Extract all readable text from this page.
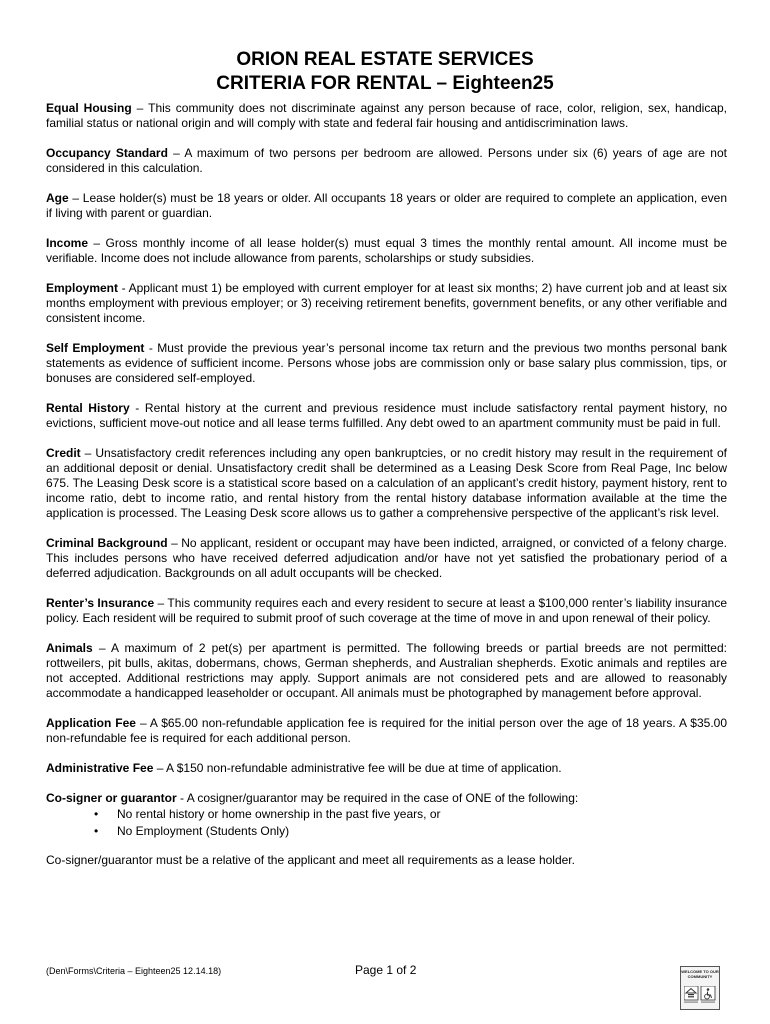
ORION REAL ESTATE SERVICES
CRITERIA FOR RENTAL – Eighteen25

Equal Housing – This community does not discriminate against any person because of race, color, religion, sex, handicap, familial status or national origin and will comply with state and federal fair housing and antidiscrimination laws.

Occupancy Standard – A maximum of two persons per bedroom are allowed. Persons under six (6) years of age are not considered in this calculation.

Age – Lease holder(s) must be 18 years or older. All occupants 18 years or older are required to complete an application, even if living with parent or guardian.

Income – Gross monthly income of all lease holder(s) must equal 3 times the monthly rental amount. All income must be verifiable. Income does not include allowance from parents, scholarships or study subsidies.

Employment - Applicant must 1) be employed with current employer for at least six months; 2) have current job and at least six months employment with previous employer; or 3) receiving retirement benefits, government benefits, or any other verifiable and consistent income.

Self Employment - Must provide the previous year’s personal income tax return and the previous two months personal bank statements as evidence of sufficient income. Persons whose jobs are commission only or base salary plus commission, tips, or bonuses are considered self-employed.

Rental History - Rental history at the current and previous residence must include satisfactory rental payment history, no evictions, sufficient move-out notice and all lease terms fulfilled. Any debt owed to an apartment community must be paid in full.

Credit – Unsatisfactory credit references including any open bankruptcies, or no credit history may result in the requirement of an additional deposit or denial. Unsatisfactory credit shall be determined as a Leasing Desk Score from Real Page, Inc below 675. The Leasing Desk score is a statistical score based on a calculation of an applicant’s credit history, payment history, rent to income ratio, debt to income ratio, and rental history from the rental history database information available at the time the application is processed. The Leasing Desk score allows us to gather a comprehensive perspective of the applicant’s risk level.

Criminal Background – No applicant, resident or occupant may have been indicted, arraigned, or convicted of a felony charge. This includes persons who have received deferred adjudication and/or have not yet satisfied the probationary period of a deferred adjudication. Backgrounds on all adult occupants will be checked.

Renter’s Insurance – This community requires each and every resident to secure at least a $100,000 renter’s liability insurance policy. Each resident will be required to submit proof of such coverage at the time of move in and upon renewal of their policy.

Animals – A maximum of 2 pet(s) per apartment is permitted. The following breeds or partial breeds are not permitted: rottweilers, pit bulls, akitas, dobermans, chows, German shepherds, and Australian shepherds. Exotic animals and reptiles are not accepted. Additional restrictions may apply. Support animals are not considered pets and are allowed to reasonably accommodate a handicapped leaseholder or occupant. All animals must be photographed by management before approval.

Application Fee – A $65.00 non-refundable application fee is required for the initial person over the age of 18 years. A $35.00 non-refundable fee is required for each additional person.

Administrative Fee – A $150 non-refundable administrative fee will be due at time of application.

Co-signer or guarantor - A cosigner/guarantor may be required in the case of ONE of the following:
• No rental history or home ownership in the past five years, or
• No Employment (Students Only)

Co-signer/guarantor must be a relative of the applicant and meet all requirements as a lease holder.

(Den\Forms\Criteria – Eighteen25 12.14.18)	Page 1 of 2	WELCOME TO OUR COMMUNITY
